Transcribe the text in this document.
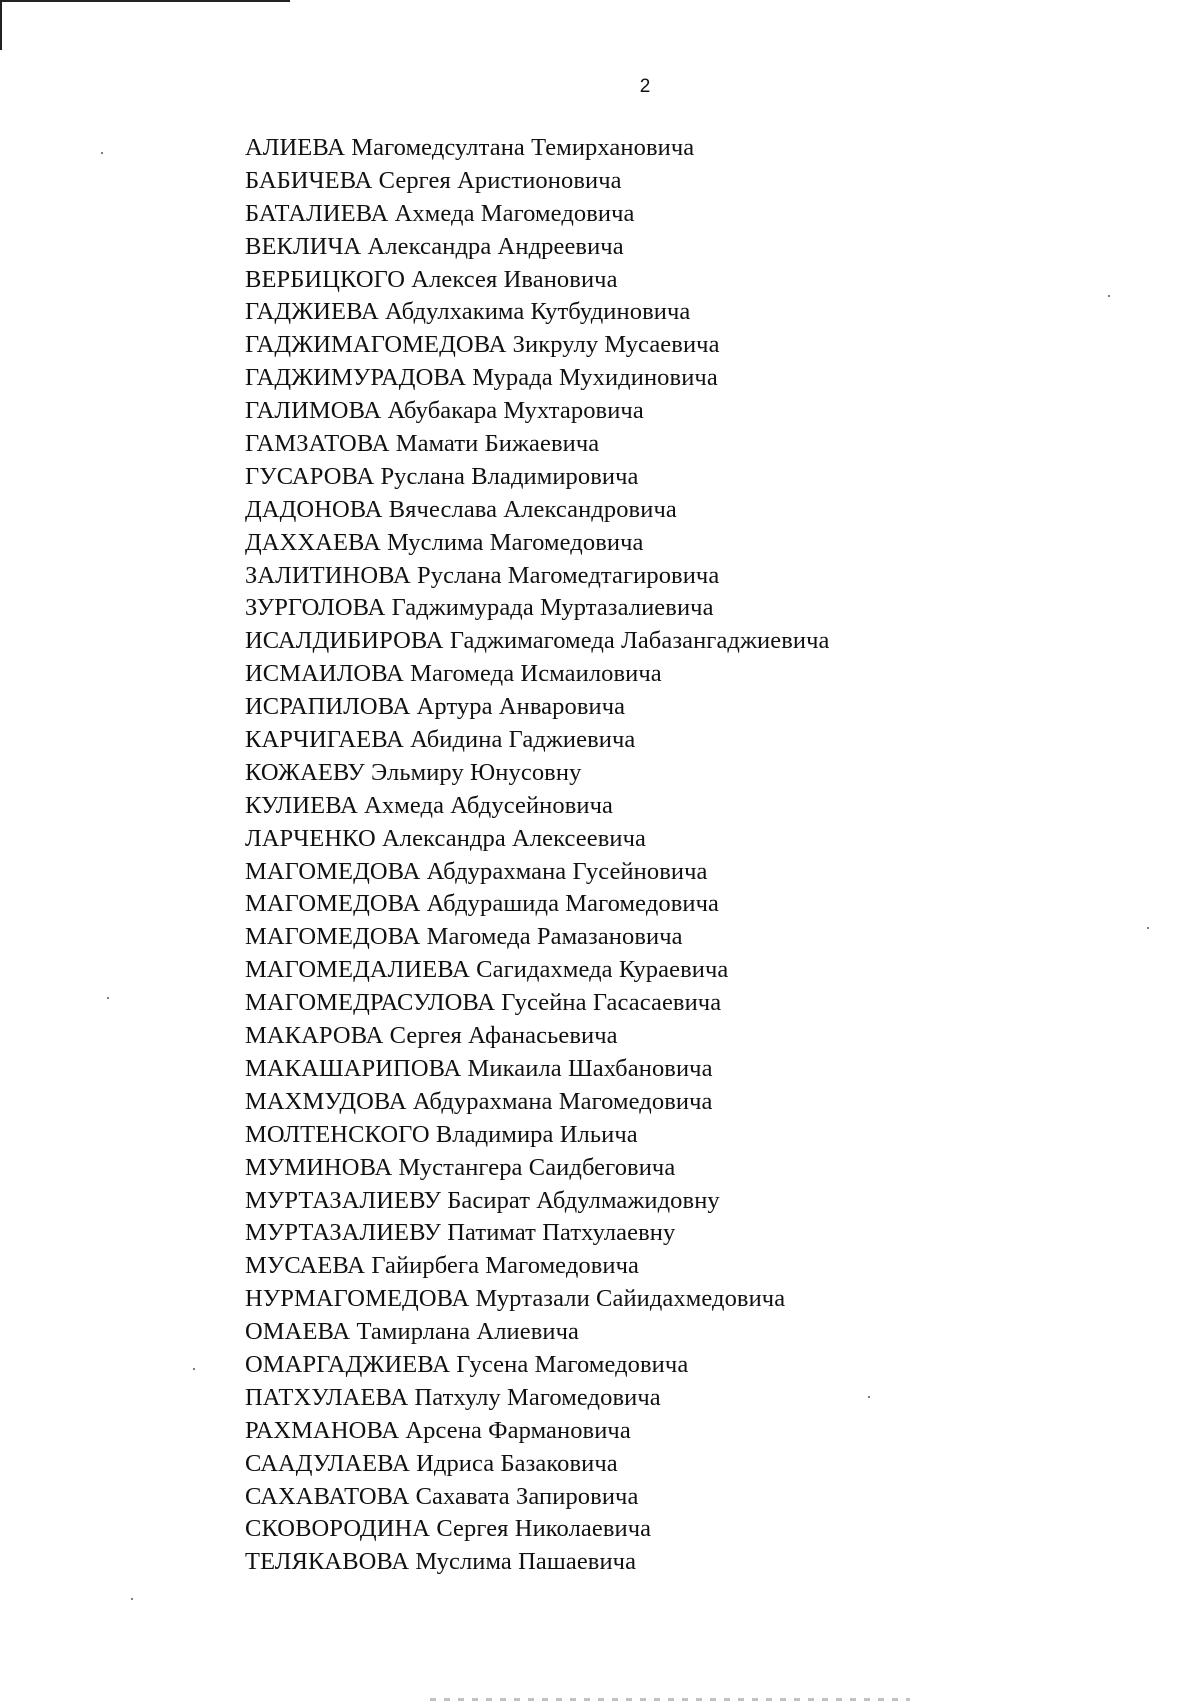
2
АЛИЕВА Магомедсултана Темирхановича
БАБИЧЕВА Сергея Аристионовича
БАТАЛИЕВА Ахмеда Магомедовича
ВЕКЛИЧА Александра Андреевича
ВЕРБИЦКОГО Алексея Ивановича
ГАДЖИЕВА Абдулхакима Кутбудиновича
ГАДЖИМАГОМЕДОВА Зикрулу Мусаевича
ГАДЖИМУРАДОВА Мурада Мухидиновича
ГАЛИМОВА Абубакара Мухтаровича
ГАМЗАТОВА Мамати Бижаевича
ГУСАРОВА Руслана Владимировича
ДАДОНОВА Вячеслава Александровича
ДАХХАЕВА Муслима Магомедовича
ЗАЛИТИНОВА Руслана Магомедтагировича
ЗУРГОЛОВА Гаджимурада Муртазалиевича
ИСАЛДИБИРОВА Гаджимагомеда Лабазангаджиевича
ИСМАИЛОВА Магомеда Исмаиловича
ИСРАПИЛОВА Артура Анваровича
КАРЧИГАЕВА Абидина Гаджиевича
КОЖАЕВУ Эльмиру Юнусовну
КУЛИЕВА Ахмеда Абдусейновича
ЛАРЧЕНКО Александра Алексеевича
МАГОМЕДОВА Абдурахмана Гусейновича
МАГОМЕДОВА Абдурашида Магомедовича
МАГОМЕДОВА Магомеда Рамазановича
МАГОМЕДАЛИЕВА Сагидахмеда Кураевича
МАГОМЕДРАСУЛОВА Гусейна Гасасаевича
МАКАРОВА Сергея Афанасьевича
МАКАШАРИПОВА Микаила Шахбановича
МАХМУДОВА Абдурахмана Магомедовича
МОЛТЕНСКОГО Владимира Ильича
МУМИНОВА Мустангера Саидбеговича
МУРТАЗАЛИЕВУ Басират Абдулмажидовну
МУРТАЗАЛИЕВУ Патимат Патхулаевну
МУСАЕВА Гайирбега Магомедовича
НУРМАГОМЕДОВА Муртазали Сайидахмедовича
ОМАЕВА Тамирлана Алиевича
ОМАРГАДЖИЕВА Гусена Магомедовича
ПАТХУЛАЕВА Патхулу Магомедовича
РАХМАНОВА Арсена Фармановича
СААДУЛАЕВА Идриса Базаковича
САХАВАТОВА Сахавата Запировича
СКОВОРОДИНА Сергея Николаевича
ТЕЛЯКАВОВА Муслима Пашаевича
